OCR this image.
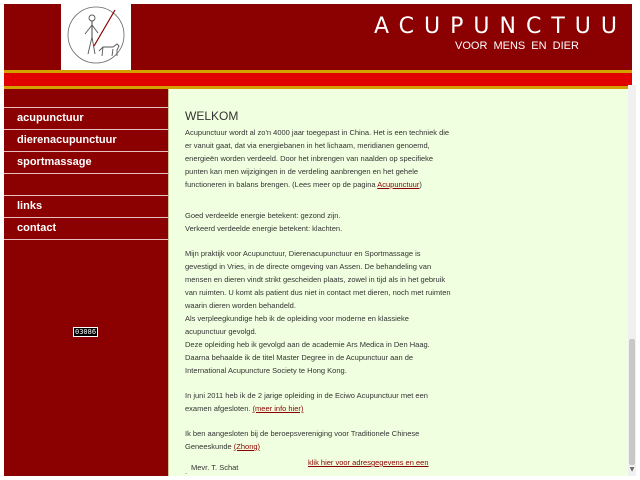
ACUPUNCTUU
VOOR MENS EN DIER
acupunctuur
dierenacupunctuur
sportmassage
links
contact
03086
WELKOM
Acupunctuur wordt al zo'n 4000 jaar toegepast in China. Het is een techniek die er vanuit gaat, dat via energiebanen in het lichaam, meridianen genoemd, energieën worden verdeeld. Door het inbrengen van naalden op specifieke punten kan men wijzigingen in de verdeling aanbrengen en het gehele functioneren in balans brengen. (Lees meer op de pagina Acupunctuur)
Goed verdeelde energie betekent: gezond zijn.
Verkeerd verdeelde energie betekent: klachten.
Mijn praktijk voor Acupunctuur, Dierenacupunctuur en Sportmassage is gevestigd in Vries, in de directe omgeving van Assen. De behandeling van mensen en dieren vindt strikt gescheiden plaats, zowel in tijd als in het gebruik van ruimten. U komt als patient dus niet in contact met dieren, noch met ruimten waarin dieren worden behandeld.
Als verpleegkundige heb ik de opleiding voor moderne en klassieke acupunctuur gevolgd.
Deze opleiding heb ik gevolgd aan de academie Ars Medica in Den Haag.
Daarna behaalde ik de titel Master Degree in de Acupunctuur aan de International Acupuncture Society te Hong Kong.
In juni 2011 heb ik de 2 jarige opleiding in de Eciwo Acupunctuur met een examen afgesloten. (meer info hier)
Ik ben aangesloten bij de beroepsvereniging voor Traditionele Chinese Geneeskunde (Zhong)
. Mevr. T. Schat
klik hier voor adresgegevens en een
▼
